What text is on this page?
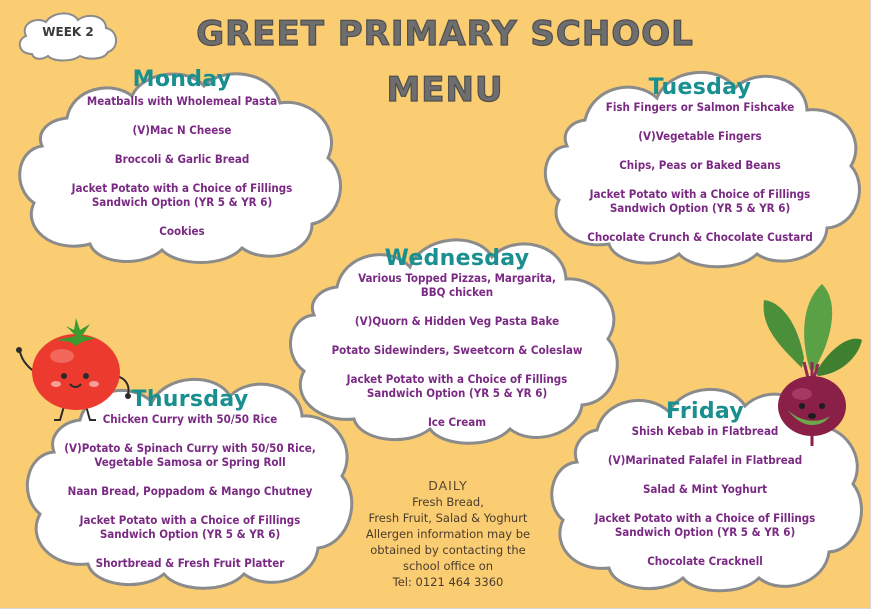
WEEK 2	GREET PRIMARY SCHOOL
MENU
Monday
Meatballs with Wholemeal Pasta
(V)Mac N Cheese
Broccoli & Garlic Bread
Jacket Potato with a Choice of Fillings
Sandwich Option (YR 5 & YR 6)
Cookies
Tuesday
Fish Fingers or Salmon Fishcake
(V)Vegetable Fingers
Chips, Peas or Baked Beans
Jacket Potato with a Choice of Fillings
Sandwich Option (YR 5 & YR 6)
Chocolate Crunch & Chocolate Custard
Wednesday
Various Topped Pizzas, Margarita,
BBQ chicken
(V)Quorn & Hidden Veg Pasta Bake
Potato Sidewinders, Sweetcorn & Coleslaw
Jacket Potato with a Choice of Fillings
Sandwich Option (YR 5 & YR 6)
Ice Cream
Thursday
Chicken Curry with 50/50 Rice
(V)Potato & Spinach Curry with 50/50 Rice,
Vegetable Samosa or Spring Roll
Naan Bread, Poppadom & Mango Chutney
Jacket Potato with a Choice of Fillings
Sandwich Option (YR 5 & YR 6)
Shortbread & Fresh Fruit Platter
Friday
Shish Kebab in Flatbread
(V)Marinated Falafel in Flatbread
Salad & Mint Yoghurt
Jacket Potato with a Choice of Fillings
Sandwich Option (YR 5 & YR 6)
Chocolate Cracknell
DAILY
Fresh Bread,
Fresh Fruit, Salad & Yoghurt
Allergen information may be
obtained by contacting the
school office on
Tel: 0121 464 3360
